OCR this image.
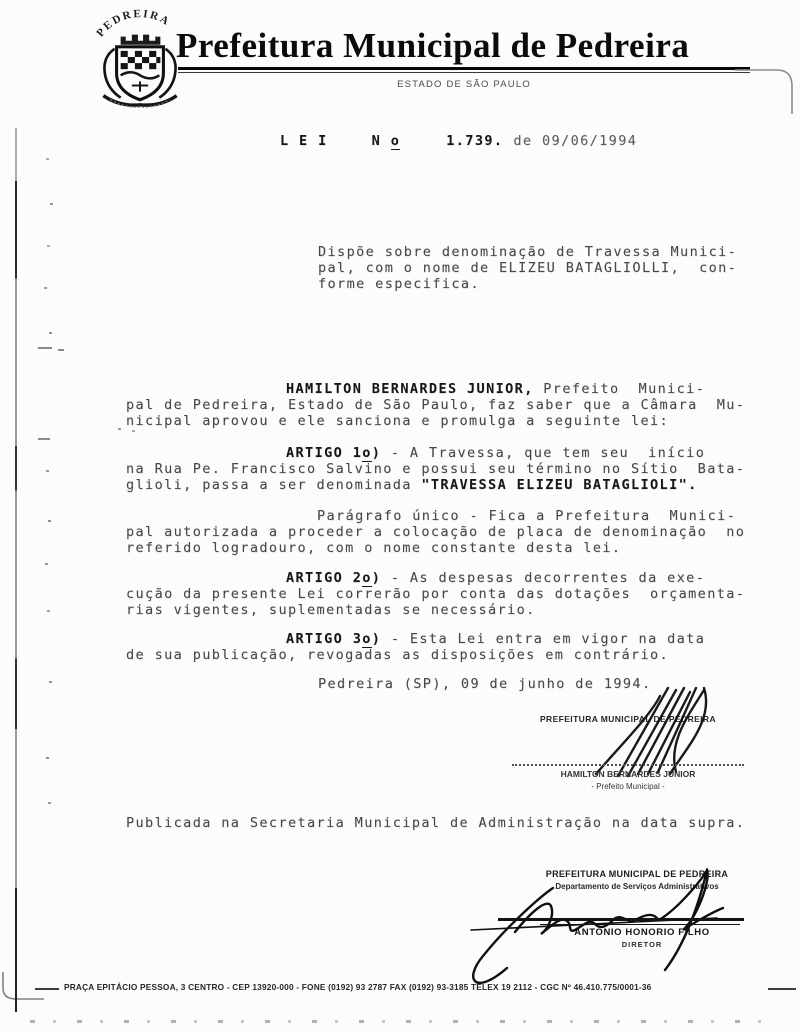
PEDREIRA
Prefeitura Municipal de Pedreira
ESTADO DE SÃO PAULO
L E I	N o	1.739. de 09/06/1994
Dispõe sobre denominação de Travessa Munici-
pal, com o nome de ELIZEU BATAGLIOLLI,  con-
forme especifica.
HAMILTON BERNARDES JUNIOR, Prefeito  Munici-
pal de Pedreira, Estado de São Paulo, faz saber que a Câmara  Mu-
nicipal aprovou e ele sanciona e promulga a seguinte lei:
ARTIGO 1o) - A Travessa, que tem seu  início
na Rua Pe. Francisco Salvino e possui seu término no Sítio  Bata-
glioli, passa a ser denominada "TRAVESSA ELIZEU BATAGLIOLI".
Parágrafo único - Fica a Prefeitura  Munici-
pal autorizada a proceder a colocação de placa de denominação  no
referido logradouro, com o nome constante desta lei.
ARTIGO 2o) - As despesas decorrentes da exe-
cução da presente Lei correrão por conta das dotações  orçamenta-
rias vigentes, suplementadas se necessário.
ARTIGO 3o) - Esta Lei entra em vigor na data
de sua publicação, revogadas as disposições em contrário.
Pedreira (SP), 09 de junho de 1994.
PREFEITURA MUNICIPAL DE PEDREIRA
HAMILTON BERNARDES JUNIOR
- Prefeito Municipal -
Publicada na Secretaria Municipal de Administração na data supra.
PREFEITURA MUNICIPAL DE PEDREIRA
Departamento de Serviços Administrativos
ANTONIO HONORIO FILHO
DIRETOR
PRAÇA EPITÁCIO PESSOA, 3 CENTRO - CEP 13920-000 - FONE (0192) 93 2787 FAX (0192) 93-3185 TELEX 19 2112 - CGC Nº 46.410.775/0001-36
